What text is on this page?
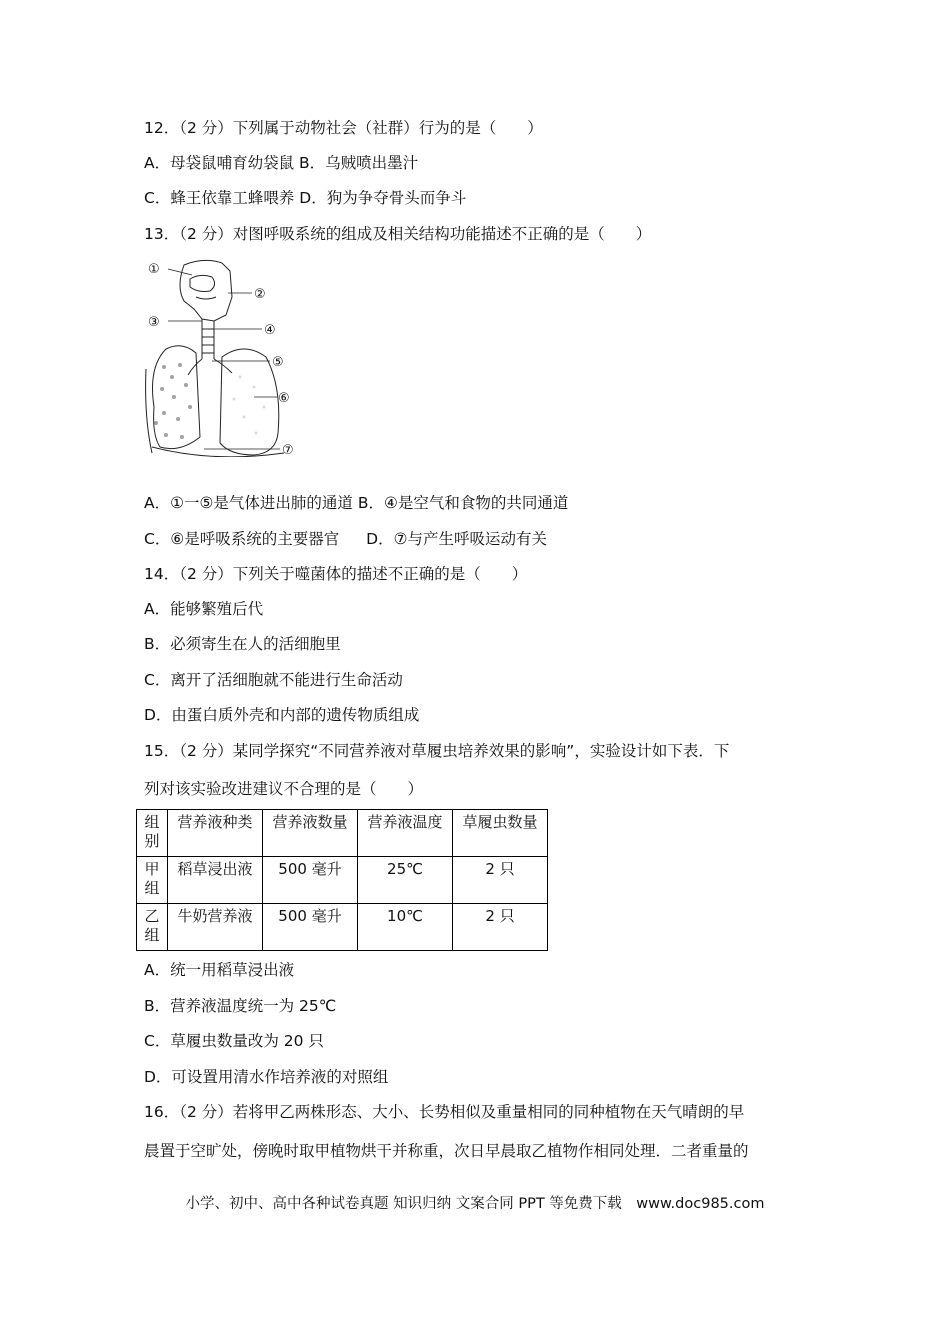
12．（2 分）下列属于动物社会（社群）行为的是（　　）
A．母袋鼠哺育幼袋鼠 B．乌贼喷出墨汁
C．蜂王依靠工蜂喂养 D．狗为争夺骨头而争斗
13．（2 分）对图呼吸系统的组成及相关结构功能描述不正确的是（　　）
①
②
③
④
⑤
⑥
⑦
A．①一⑤是气体进出肺的通道 B．④是空气和食物的共同通道
C．⑥是呼吸系统的主要器官 D．⑦与产生呼吸运动有关
14．（2 分）下列关于噬菌体的描述不正确的是（　　）
A．能够繁殖后代
B．必须寄生在人的活细胞里
C．离开了活细胞就不能进行生命活动
D．由蛋白质外壳和内部的遗传物质组成
15．（2 分）某同学探究“不同营养液对草履虫培养效果的影响”，实验设计如下表．下
列对该实验改进建议不合理的是（　　）
组别	营养液种类	营养液数量	营养液温度	草履虫数量
甲组	稻草浸出液	500 毫升	25℃	2 只
乙组	牛奶营养液	500 毫升	10℃	2 只
A．统一用稻草浸出液
B．营养液温度统一为 25℃
C．草履虫数量改为 20 只
D．可设置用清水作培养液的对照组
16．（2 分）若将甲乙两株形态、大小、长势相似及重量相同的同种植物在天气晴朗的早
晨置于空旷处，傍晚时取甲植物烘干并称重，次日早晨取乙植物作相同处理．二者重量的
小学、初中、高中各种试卷真题 知识归纳 文案合同 PPT 等免费下载　www.doc985.com
